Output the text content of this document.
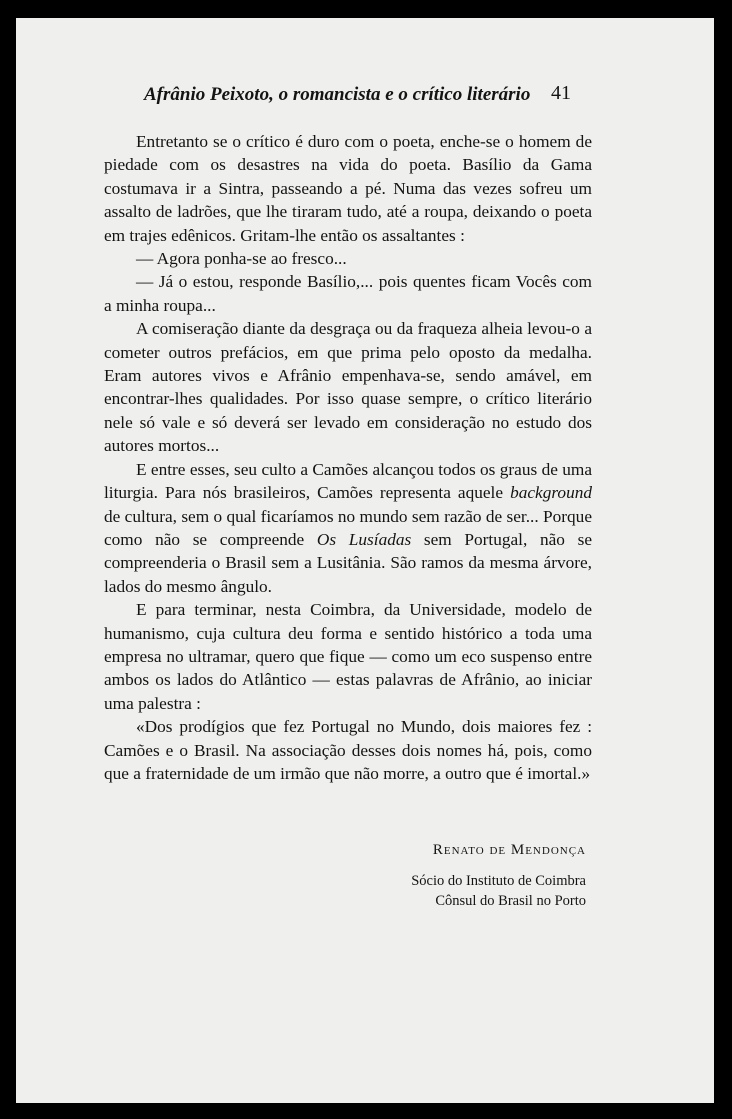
Afrânio Peixoto, o romancista e o crítico literário 41

Entretanto se o crítico é duro com o poeta, enche-se o homem de piedade com os desastres na vida do poeta. Basílio da Gama costumava ir a Sintra, passeando a pé. Numa das vezes sofreu um assalto de ladrões, que lhe tiraram tudo, até a roupa, deixando o poeta em trajes edênicos. Gritam-lhe então os assaltantes :

— Agora ponha-se ao fresco...

— Já o estou, responde Basílio,... pois quentes ficam Vocês com a minha roupa...

A comiseração diante da desgraça ou da fraqueza alheia levou-o a cometer outros prefácios, em que prima pelo oposto da medalha. Eram autores vivos e Afrânio empenhava-se, sendo amável, em encontrar-lhes qualidades. Por isso quase sempre, o crítico literário nele só vale e só deverá ser levado em consideração no estudo dos autores mortos...

E entre esses, seu culto a Camões alcançou todos os graus de uma liturgia. Para nós brasileiros, Camões representa aquele background de cultura, sem o qual ficaríamos no mundo sem razão de ser... Porque como não se compreende Os Lusíadas sem Portugal, não se compreenderia o Brasil sem a Lusitânia. São ramos da mesma árvore, lados do mesmo ângulo.

E para terminar, nesta Coimbra, da Universidade, modelo de humanismo, cuja cultura deu forma e sentido histórico a toda uma empresa no ultramar, quero que fique — como um eco suspenso entre ambos os lados do Atlântico — estas palavras de Afrânio, ao iniciar uma palestra :

«Dos prodígios que fez Portugal no Mundo, dois maiores fez : Camões e o Brasil. Na associação desses dois nomes há, pois, como que a fraternidade de um irmão que não morre, a outro que é imortal.»

Renato de Mendonça
Sócio do Instituto de Coimbra
Cônsul do Brasil no Porto
